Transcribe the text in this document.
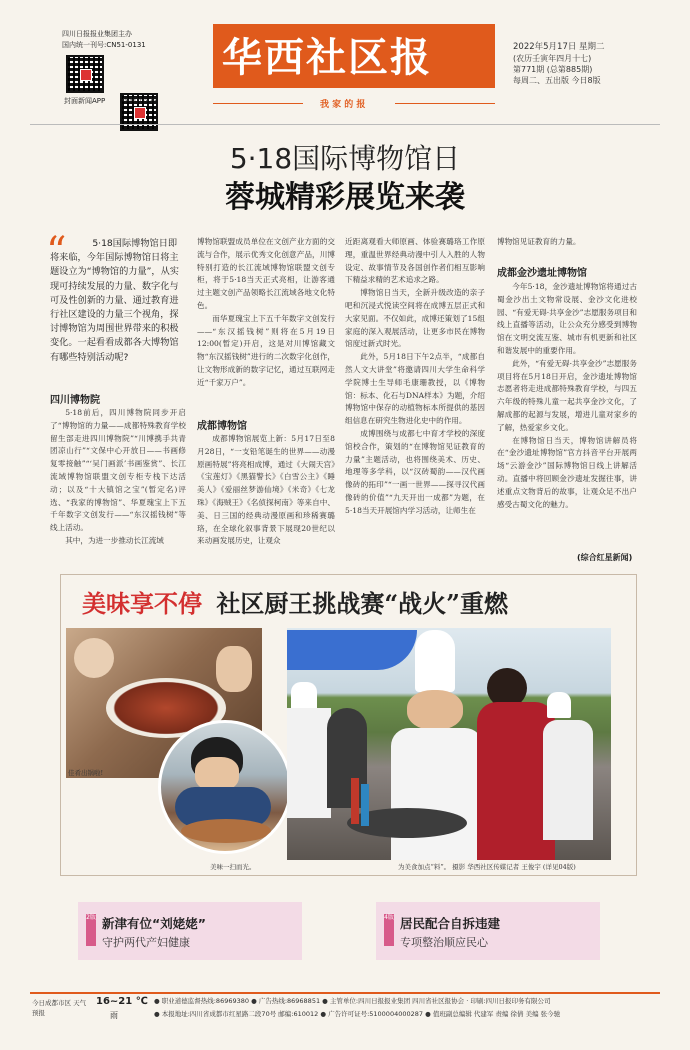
四川日报报业集团主办
国内统一刊号:CN51-0131
封面新闻APP 华西社区报
华西社区报
我 家 的 报
2022年5月17日 星期二
(农历壬寅年四月十七)
第771期 (总第885期)
每周二、五出版 今日8版
5·18国际博物馆日
蓉城精彩展览来袭
“	5·18国际博物馆日即将来临，今年国际博物馆日将主题设立为“博物馆的力量”，从实现可持续发展的力量、数字化与可及性创新的力量、通过教育进行社区建设的力量三个视角，探讨博物馆为周围世界带来的积极变化。一起看看成都各大博物馆有哪些特别活动呢?
四川博物院

5·18前后，四川博物院同步开启了“博物馆的力量——成都特殊教育学校留生部走进四川博物院”“川博携手共青团凉山行”“文保中心开放日——书画修复零接触”“‘吴门画派’书画鉴赏”、长江流域博物馆联盟文创专柜专栈下达活动；以及“十大镇馆之宝”(暂定名)评选、“我家的博物馆”、华夏瑰宝上下五千年数字文创发行——“东汉摇钱树”等线上活动。

其中，为进一步推动长江流域

博物馆联盟成员单位在文创产业方面的交流与合作，展示优秀文化创意产品，川博特别打造的长江流域博物馆联盟文创专柜，将于5·18当天正式亮相，让游客通过主题文创产品领略长江流域各地文化特色。

而华夏瑰宝上下五千年数字文创发行——“东汉摇钱树”则将在5月19日12:00(暂定)开启，这是对川博馆藏文物“东汉摇钱树”进行的二次数字化创作，让文物形成新的数字记忆，通过互联网走近“千家万户”。

成都博物馆

成都博物馆展览上新：5月17日至8月28日，“一支铅笔诞生的世界——动漫原画特展”将亮相成博，通过《大闹天宫》《宝莲灯》《黑猫警长》《白雪公主》《睡美人》《爱丽丝梦游仙境》《米奇》《七龙珠》《海贼王》《名侦探柯南》等来自中、美、日三国的经典动漫原画和珍稀赛璐珞，在全球化叙事背景下展现20世纪以来动画发展历史，让观众

近距离观看大师原画、体验赛璐珞工作原理，重温世界经典动漫中引人入胜的人物设定、故事情节及各国创作者们相互影响下精益求精的艺术追求之路。

博物馆日当天，全新升级改造的亲子吧和沉浸式悦读空间将在成博五层正式和大家见面。不仅如此，成博还策划了15组家庭的深入观展活动，让更多市民在博物馆度过新式时光。

此外，5月18日下午2点半，“成都自然人文大讲堂”将邀请四川大学生命科学学院博士生导师毛康珊教授，以《博物馆：标本、化石与DNA样本》为题，介绍博物馆中保存的动植物标本所提供的基因组信息在研究生物进化史中的作用。

成博围绕与成都七中育才学校的深度馆校合作，策划的“在博物馆见证教育的力量”主题活动，也将围绕美术、历史、地理等多学科，以“汉砖蜀韵——汉代画像砖的拓印”“一画一世界——探寻汉代画像砖的价值”“九天开出一成都”为题，在5·18当天开展馆内学习活动，让师生在

博物馆见证教育的力量。

成都金沙遗址博物馆

今年5·18，金沙遗址博物馆将通过古蜀金沙出土文物常设展、金沙文化进校园、“有爱无碍·共享金沙”志愿服务项目和线上直播等活动，让公众充分感受到博物馆在文明交流互鉴、城市有机更新和社区和谐发展中的重要作用。

此外，“有爱无碍·共享金沙”志愿服务项目将在5月18日开启，金沙遗址博物馆志愿者将走进成都特殊教育学校，与四五六年级的特殊儿童一起共享金沙文化，了解成都的起源与发展，增进儿童对家乡的了解，热爱家乡文化。

在博物馆日当天，博物馆讲解员将在“金沙遗址博物馆”官方抖音平台开展两场“云游金沙”国际博物馆日线上讲解活动。直播中将回顾金沙遗址发掘往事，讲述重点文物背后的故事，让观众足不出户感受古蜀文化的魅力。

(综合红星新闻)
美味享不停 社区厨王挑战赛“战火”重燃
佳肴出锅啦!
美味一扫而光。	为美食加点“料”。 摄影 华西社区传媒记者 王俊宇 (详见04版)
2版 新津有位“刘姥姥”
守护两代产妇健康
4版 居民配合自拆违建
专项整治顺应民心
今日成都市区 天气预报
16~21 ℃
雨
● 职业道德监督热线:86969380 ● 广告热线:86968851 ● 主管单位:四川日报报业集团 四川省社区报协会 · 印刷:四川日报印务有限公司
● 本报地址:四川省成都市红星路二段70号 邮编:610012 ● 广告许可证号:5100004000287 ● 值班副总编辑 代建军 责编 徐倩 美编 张今驰
